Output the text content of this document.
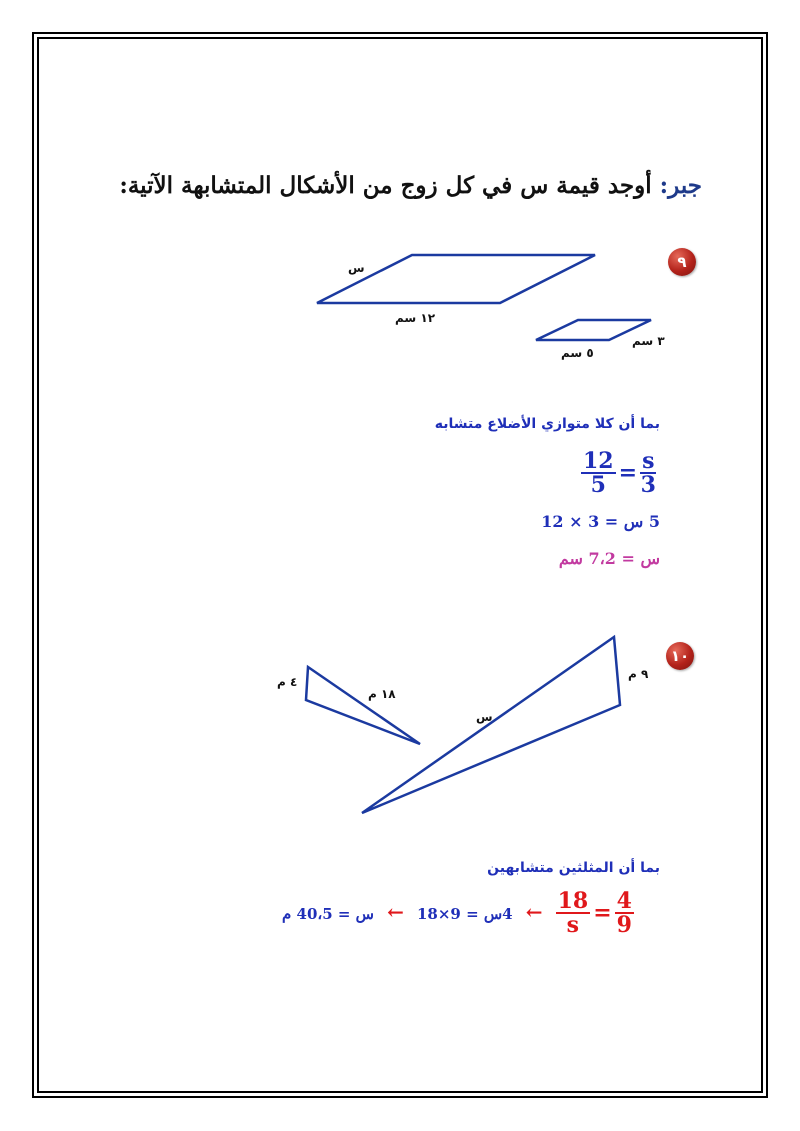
جبر: أوجد قيمة س في كل زوج من الأشكال المتشابهة الآتية:
٩
س
١٢ سم
٣ سم
٥ سم
بما أن كلا متوازي الأضلاع متشابه
$\frac{12}{5} = \frac{s}{3}$
5 س = 3 × 12
س = 7،2 سم
١٠
٤ م
١٨ م
٩ م
س
بما أن المثلثين متشابهين
س = 40،5 م ← 4س = 9×18 ← $\frac{18}{s} = \frac{4}{9}$
